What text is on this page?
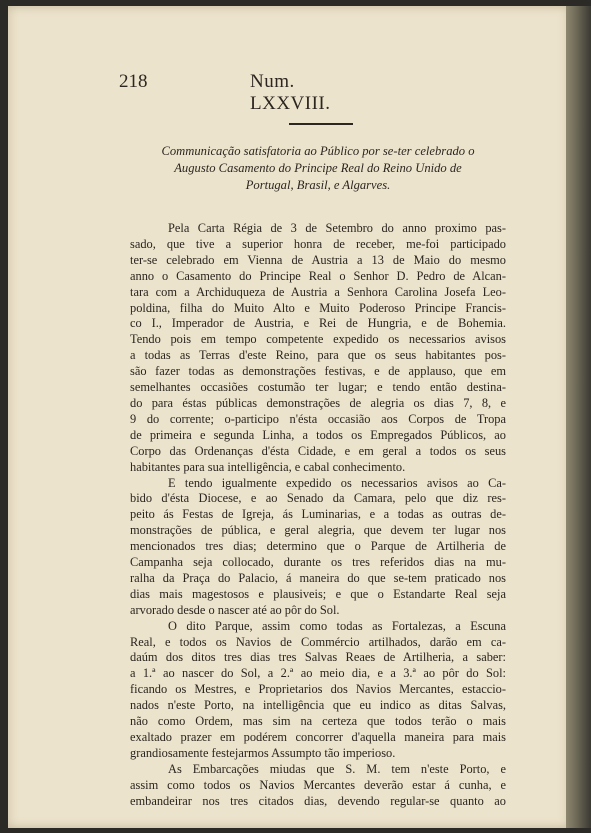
218	Num. LXXVIII.
Communicação satisfatoria ao Público por se-ter celebrado o
Augusto Casamento do Principe Real do Reino Unido de
Portugal, Brasil, e Algarves.
Pela Carta Régia de 3 de Setembro do anno proximo pas-
sado, que tive a superior honra de receber, me-foi participado
ter-se celebrado em Vienna de Austria a 13 de Maio do mesmo
anno o Casamento do Principe Real o Senhor D. Pedro de Alcan-
tara com a Archiduqueza de Austria a Senhora Carolina Josefa Leo-
poldina, filha do Muito Alto e Muito Poderoso Principe Francis-
co I., Imperador de Austria, e Rei de Hungria, e de Bohemia.
Tendo pois em tempo competente expedido os necessarios avisos
a todas as Terras d'este Reino, para que os seus habitantes pos-
são fazer todas as demonstrações festivas, e de applauso, que em
semelhantes occasiões costumão ter lugar; e tendo então destina-
do para éstas públicas demonstrações de alegria os dias 7, 8, e
9 do corrente; o-participo n'ésta occasião aos Corpos de Tropa
de primeira e segunda Linha, a todos os Empregados Públicos, ao
Corpo das Ordenanças d'ésta Cidade, e em geral a todos os seus
habitantes para sua intelligência, e cabal conhecimento.
E tendo igualmente expedido os necessarios avisos ao Ca-
bido d'ésta Diocese, e ao Senado da Camara, pelo que diz res-
peito ás Festas de Igreja, ás Luminarias, e a todas as outras de-
monstrações de pública, e geral alegria, que devem ter lugar nos
mencionados tres dias; determino que o Parque de Artilheria de
Campanha seja collocado, durante os tres referidos dias na mu-
ralha da Praça do Palacio, á maneira do que se-tem praticado nos
dias mais magestosos e plausiveis; e que o Estandarte Real seja
arvorado desde o nascer até ao pôr do Sol.
O dito Parque, assim como todas as Fortalezas, a Escuna
Real, e todos os Navios de Commércio artilhados, darão em ca-
daúm dos ditos tres dias tres Salvas Reaes de Artilheria, a saber:
a 1.ª ao nascer do Sol, a 2.ª ao meio dia, e a 3.ª ao pôr do Sol:
ficando os Mestres, e Proprietarios dos Navios Mercantes, estaccio-
nados n'este Porto, na intelligência que eu indico as ditas Salvas,
não como Ordem, mas sim na certeza que todos terão o mais
exaltado prazer em podérem concorrer d'aquella maneira para mais
grandiosamente festejarmos Assumpto tão imperioso.
As Embarcações miudas que S. M. tem n'este Porto, e
assim como todos os Navios Mercantes deverão estar á cunha, e
embandeirar nos tres citados dias, devendo regular-se quanto ao
